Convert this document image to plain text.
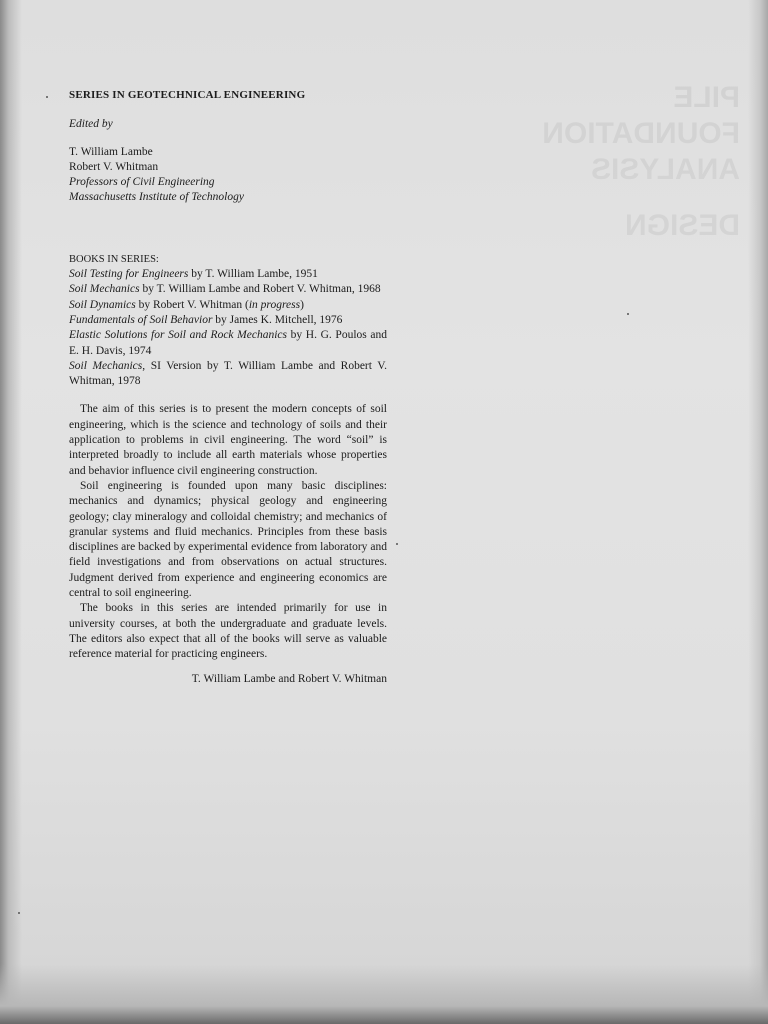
PILE
FOUNDATION
ANALYSIS
DESIGN
SERIES IN GEOTECHNICAL ENGINEERING
Edited by
T. William Lambe
Robert V. Whitman
Professors of Civil Engineering
Massachusetts Institute of Technology
BOOKS IN SERIES:
Soil Testing for Engineers by T. William Lambe, 1951
Soil Mechanics by T. William Lambe and Robert V. Whitman, 1968
Soil Dynamics by Robert V. Whitman (in progress)
Fundamentals of Soil Behavior by James K. Mitchell, 1976
Elastic Solutions for Soil and Rock Mechanics by H. G. Poulos and E. H. Davis, 1974
Soil Mechanics, SI Version by T. William Lambe and Robert V. Whitman, 1978

The aim of this series is to present the modern concepts of soil engineering, which is the science and technology of soils and their application to problems in civil engineering. The word “soil” is interpreted broadly to include all earth materials whose properties and behavior influence civil engineering construction.

Soil engineering is founded upon many basic disciplines: mechanics and dynamics; physical geology and engineering geology; clay mineralogy and colloidal chemistry; and mechanics of granular systems and fluid mechanics. Principles from these basis disciplines are backed by experimental evidence from laboratory and field investigations and from observations on actual structures. Judgment derived from experience and engineering economics are central to soil engineering.

The books in this series are intended primarily for use in university courses, at both the undergraduate and graduate levels. The editors also expect that all of the books will serve as valuable reference material for practicing engineers.

T. William Lambe and Robert V. Whitman
